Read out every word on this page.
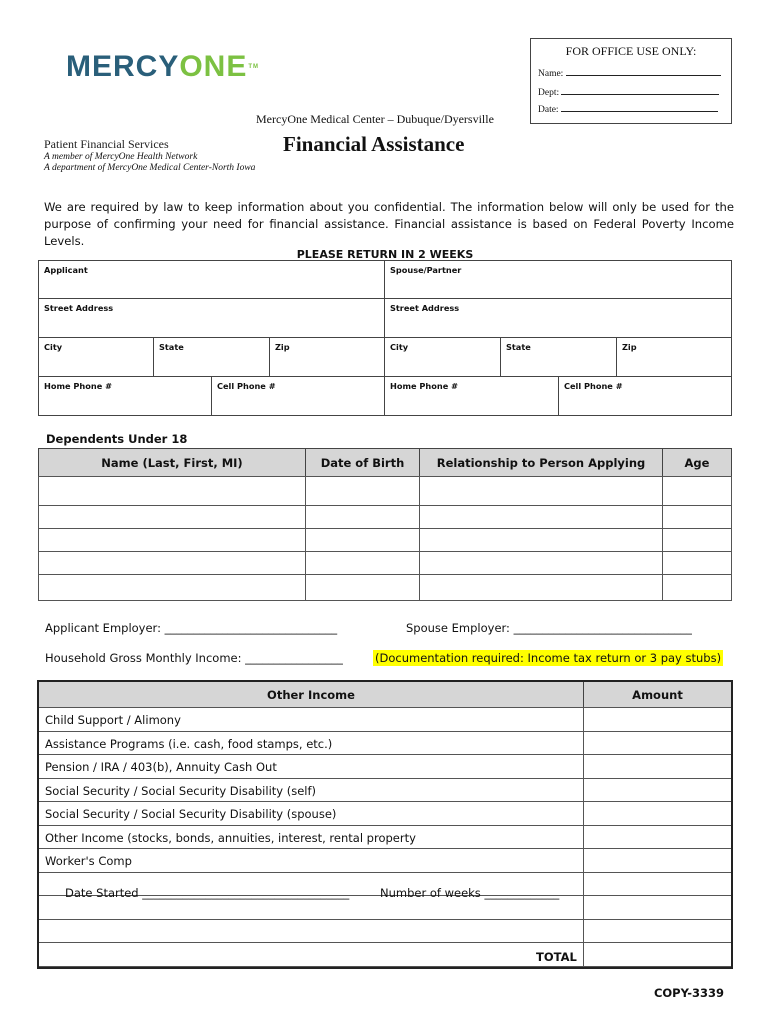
MERCYONETM
FOR OFFICE USE ONLY:
Name:
Dept:
Date:
MercyOne Medical Center – Dubuque/Dyersville
Patient Financial Services
A member of MercyOne Health Network
A department of MercyOne Medical Center-North Iowa
Financial Assistance
We are required by law to keep information about you confidential. The information below will only be used for the purpose of confirming your need for financial assistance. Financial assistance is based on Federal Poverty Income Levels.
PLEASE RETURN IN 2 WEEKS
Applicant	Spouse/Partner
Street Address	Street Address
City	State	Zip	City	State	Zip
Home Phone #	Cell Phone #	Home Phone #	Cell Phone #
Dependents Under 18
Name (Last, First, MI)	Date of Birth	Relationship to Person Applying	Age
Applicant Employer: ______________________________	Spouse Employer: _______________________________
Household Gross Monthly Income: _________________	(Documentation required: Income tax return or 3 pay stubs)
Other Income	Amount
Child Support / Alimony
Assistance Programs (i.e. cash, food stamps, etc.)
Pension / IRA / 403(b), Annuity Cash Out
Social Security / Social Security Disability (self)
Social Security / Social Security Disability (spouse)
Other Income (stocks, bonds, annuities, interest, rental property
Worker's Comp
Date Started ____________________________________	Number of weeks _____________
TOTAL
COPY-3339
